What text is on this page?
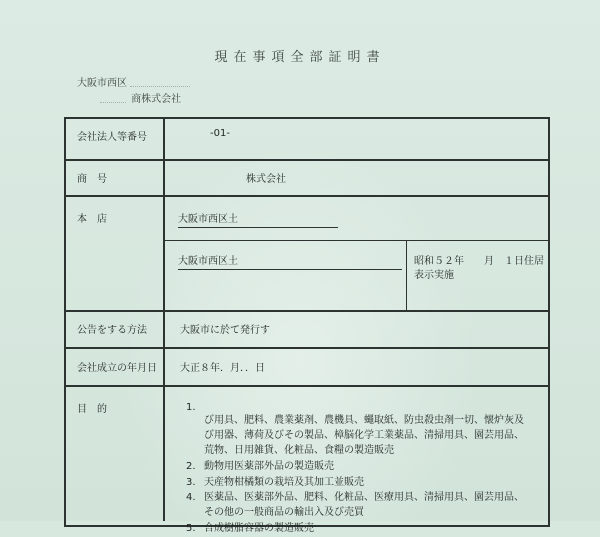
現在事項全部証明書
大阪市西区
商株式会社
会社法人等番号	-01-
商　号	株式会社
本　店	大阪市西区土
大阪市西区土	昭和５２年　　月　１日住居
表示実施
公告をする方法	大阪市に於て発行す
会社成立の年月日 大正８年．月．．日
目　的	1.
び用具、肥料、農業薬剤、農機具、蠅取紙、防虫殺虫剤一切、懐炉灰及
び用器、薄荷及びその製品、樟脳化学工業薬品、清掃用具、園芸用品、
荒物、日用雑貨、化粧品、食糧の製造販売
2. 動物用医薬部外品の製造販売
3. 天産物柑橘類の栽培及其加工並販売
4. 医薬品、医薬部外品、肥料、化粧品、医療用具、清掃用具、園芸用品、
その他の一般商品の輸出入及び売買
5. 合成樹脂容器の製造販売
